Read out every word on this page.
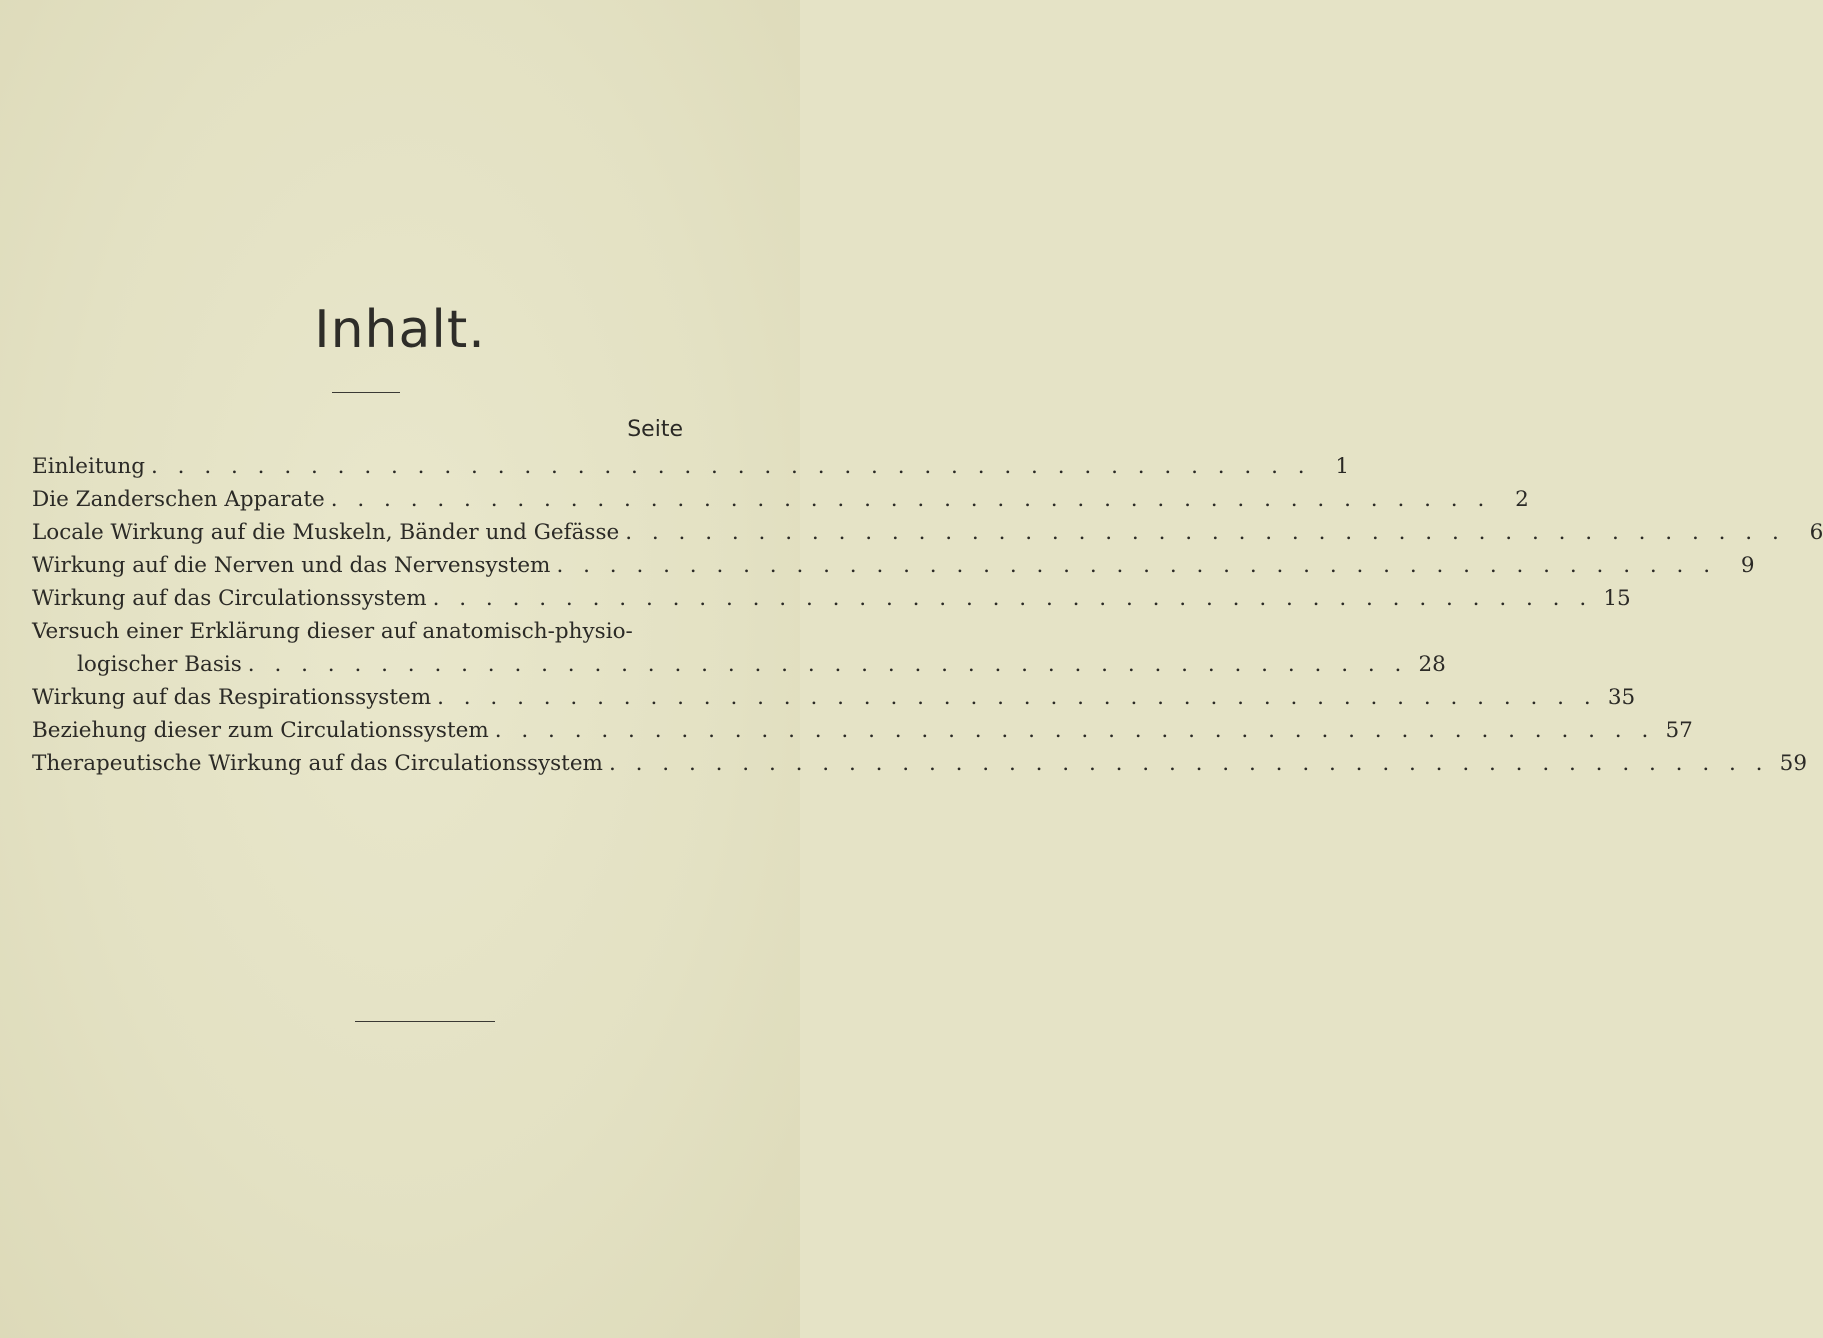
Inhalt.
Seite
Einleitung . . . . . . . . . . . . . . . . . . . . . . . . . . . . . . . . . . . . . . . . . . . .	1
Die Zanderschen Apparate . . . . . . . . . . . . . . . . . . . . . . . . . . . . . . . . . . . . . . . . . . . .	2
Locale Wirkung auf die Muskeln, Bänder und Gefässe . . . . . . . . . . . . . . . . . . . . . . . . . . . . . . . . . . . . . . . . . . . .	6
Wirkung auf die Nerven und das Nervensystem . . . . . . . . . . . . . . . . . . . . . . . . . . . . . . . . . . . . . . . . . . . .	9
Wirkung auf das Circulationssystem . . . . . . . . . . . . . . . . . . . . . . . . . . . . . . . . . . . . . . . . . . . . 15
Versuch einer Erklärung dieser auf anatomisch-physio-
logischer Basis . . . . . . . . . . . . . . . . . . . . . . . . . . . . . . . . . . . . . . . . . . . . 28
Wirkung auf das Respirationssystem . . . . . . . . . . . . . . . . . . . . . . . . . . . . . . . . . . . . . . . . . . . . 35
Beziehung dieser zum Circulationssystem . . . . . . . . . . . . . . . . . . . . . . . . . . . . . . . . . . . . . . . . . . . . 57
Therapeutische Wirkung auf das Circulationssystem . . . . . . . . . . . . . . . . . . . . . . . . . . . . . . . . . . . . . . . . . . . . 59
